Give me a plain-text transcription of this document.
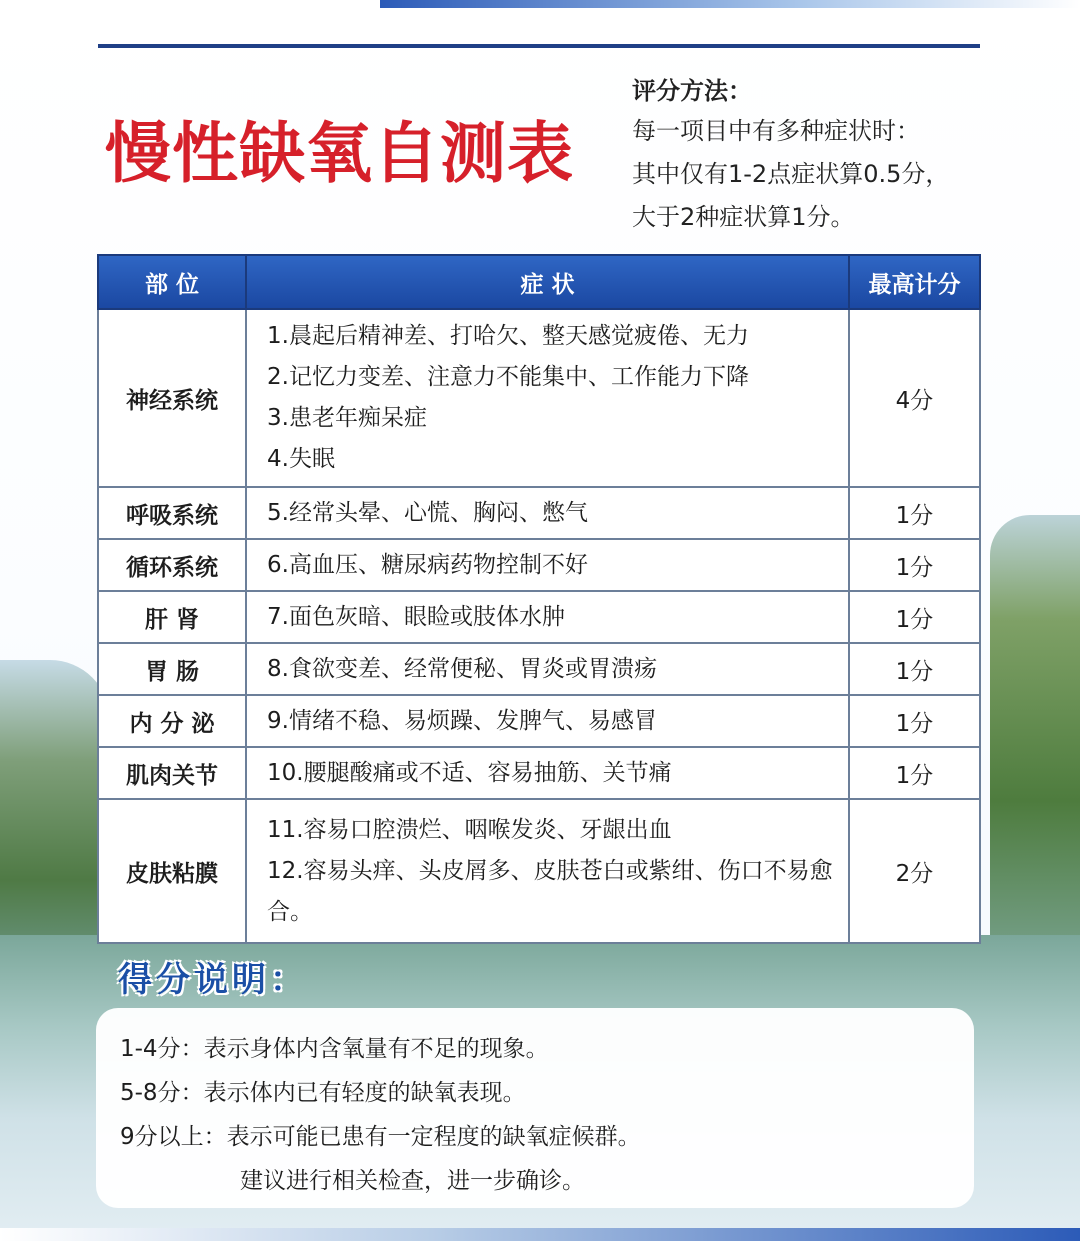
慢性缺氧自测表
评分方法：
每一项目中有多种症状时：
其中仅有1-2点症状算0.5分，
大于2种症状算1分。
部 位	症 状	最高计分
神经系统	1.晨起后精神差、打哈欠、整天感觉疲倦、无力
2.记忆力变差、注意力不能集中、工作能力下降
3.患老年痴呆症
4.失眠	4分
呼吸系统	5.经常头晕、心慌、胸闷、憋气	1分
循环系统	6.高血压、糖尿病药物控制不好	1分
肝 肾	7.面色灰暗、眼睑或肢体水肿	1分
胃 肠	8.食欲变差、经常便秘、胃炎或胃溃疡	1分
内 分 泌	9.情绪不稳、易烦躁、发脾气、易感冒	1分
肌肉关节	10.腰腿酸痛或不适、容易抽筋、关节痛	1分
皮肤粘膜	11.容易口腔溃烂、咽喉发炎、牙龈出血
12.容易头痒、头皮屑多、皮肤苍白或紫绀、伤口不易愈合。	2分
得分说明：
1-4分：表示身体内含氧量有不足的现象。
5-8分：表示体内已有轻度的缺氧表现。
9分以上：表示可能已患有一定程度的缺氧症候群。
建议进行相关检查，进一步确诊。
